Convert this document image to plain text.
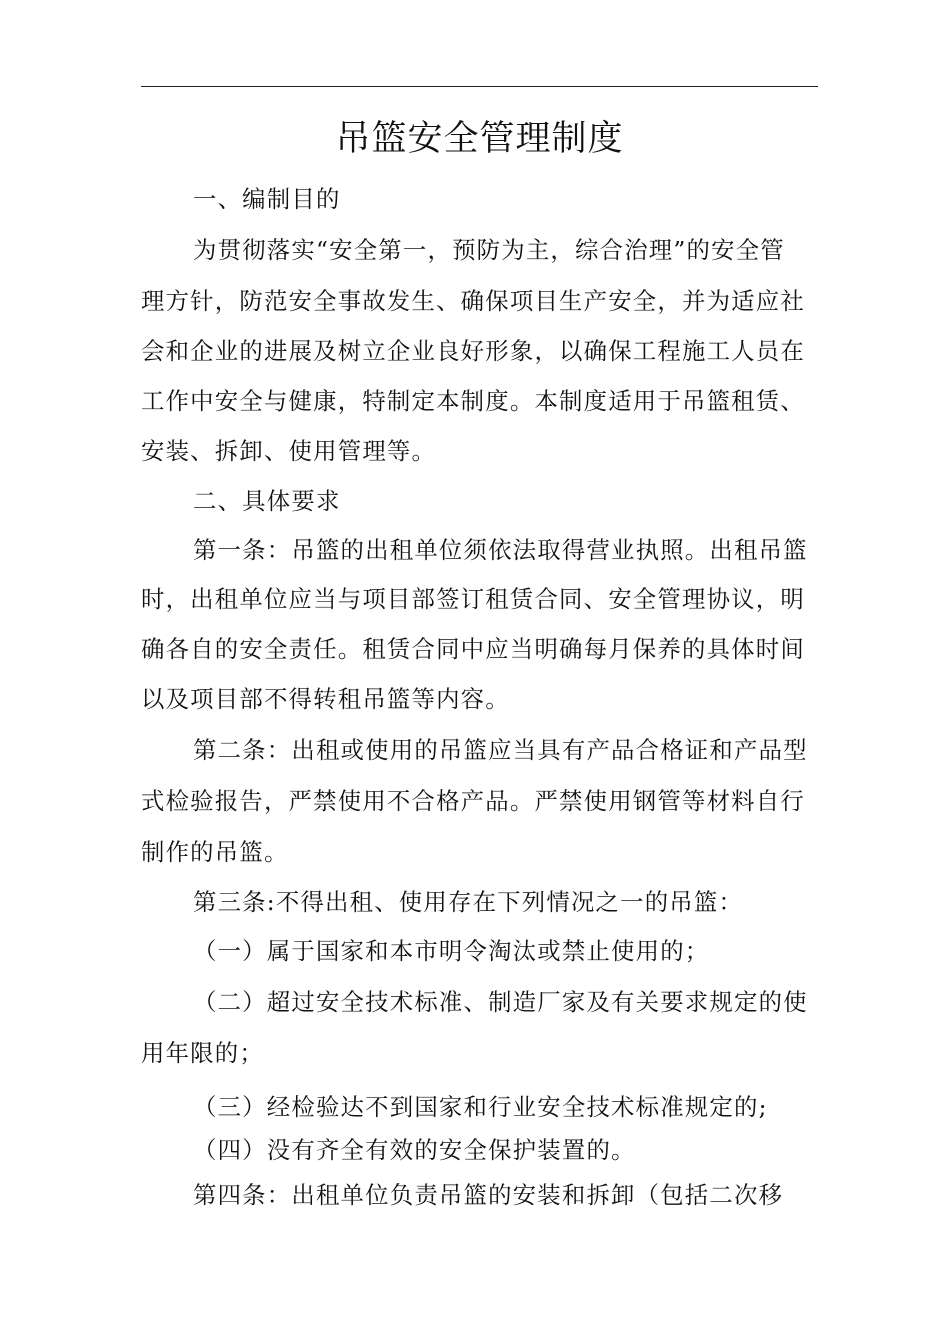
吊篮安全管理制度
一、编制目的
为贯彻落实“安全第一，预防为主，综合治理”的安全管
理方针，防范安全事故发生、确保项目生产安全，并为适应社
会和企业的进展及树立企业良好形象，以确保工程施工人员在
工作中安全与健康，特制定本制度。本制度适用于吊篮租赁、
安装、拆卸、使用管理等。
二、具体要求
第一条：吊篮的出租单位须依法取得营业执照。出租吊篮
时，出租单位应当与项目部签订租赁合同、安全管理协议，明
确各自的安全责任。租赁合同中应当明确每月保养的具体时间
以及项目部不得转租吊篮等内容。
第二条：出租或使用的吊篮应当具有产品合格证和产品型
式检验报告，严禁使用不合格产品。严禁使用钢管等材料自行
制作的吊篮。
第三条:不得出租、使用存在下列情况之一的吊篮：
（一）属于国家和本市明令淘汰或禁止使用的；
（二）超过安全技术标准、制造厂家及有关要求规定的使
用年限的；
（三）经检验达不到国家和行业安全技术标准规定的;
（四）没有齐全有效的安全保护装置的。
第四条：出租单位负责吊篮的安装和拆卸（包括二次移
